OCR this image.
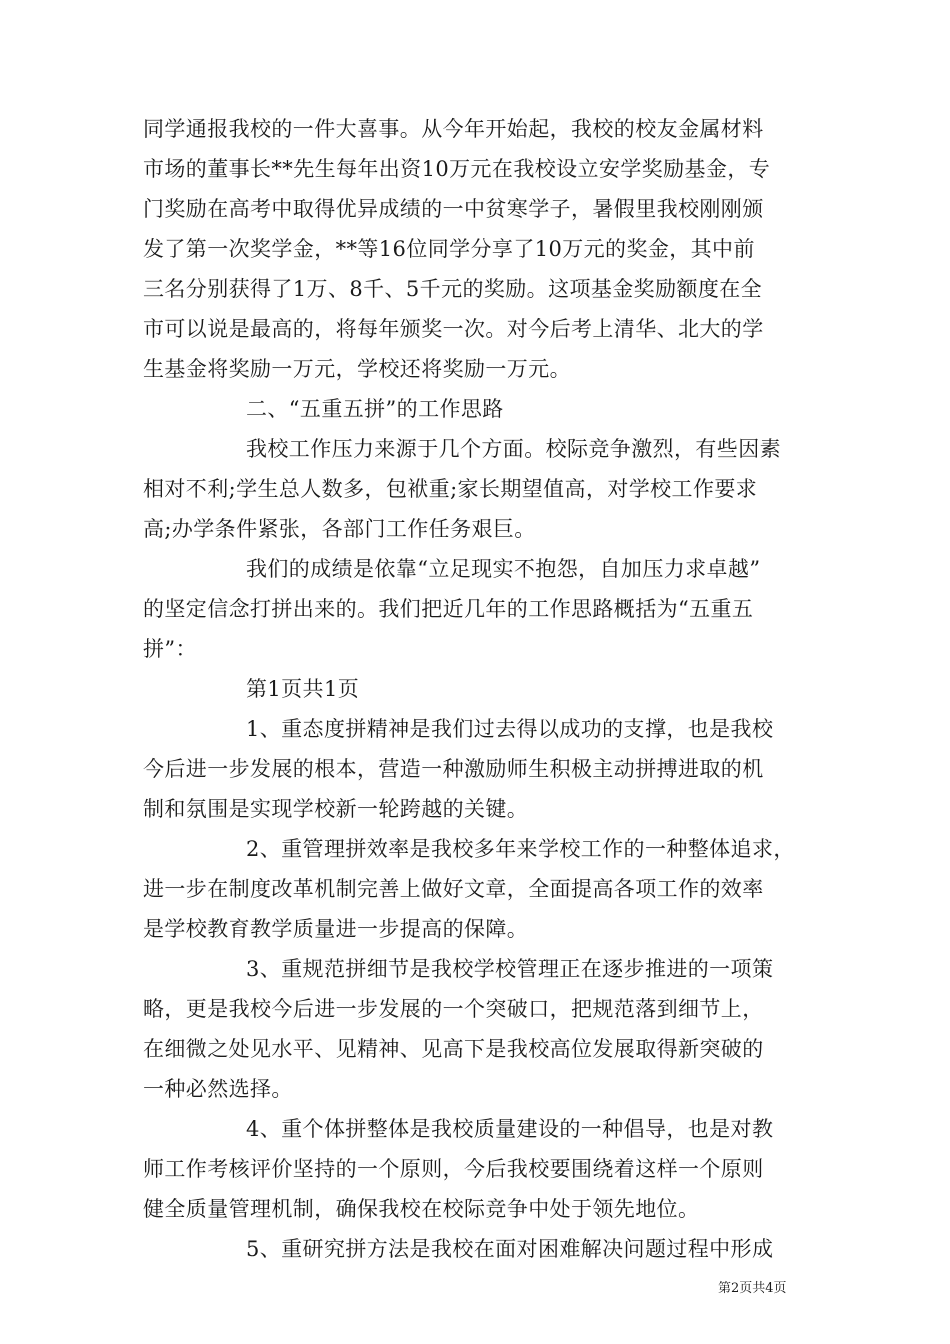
同学通报我校的一件大喜事。从今年开始起，我校的校友金属材料
市场的董事长**先生每年出资10万元在我校设立安学奖励基金，专
门奖励在高考中取得优异成绩的一中贫寒学子，暑假里我校刚刚颁
发了第一次奖学金，**等16位同学分享了10万元的奖金，其中前
三名分别获得了1万、8千、5千元的奖励。这项基金奖励额度在全
市可以说是最高的，将每年颁奖一次。对今后考上清华、北大的学
生基金将奖励一万元，学校还将奖励一万元。
二、“五重五拼”的工作思路
我校工作压力来源于几个方面。校际竞争激烈，有些因素
相对不利;学生总人数多，包袱重;家长期望值高，对学校工作要求
高;办学条件紧张，各部门工作任务艰巨。
我们的成绩是依靠“立足现实不抱怨，自加压力求卓越”
的坚定信念打拼出来的。我们把近几年的工作思路概括为“五重五
拼”：
第1页共1页
1、重态度拼精神是我们过去得以成功的支撑，也是我校
今后进一步发展的根本，营造一种激励师生积极主动拼搏进取的机
制和氛围是实现学校新一轮跨越的关键。
2、重管理拼效率是我校多年来学校工作的一种整体追求，
进一步在制度改革机制完善上做好文章，全面提高各项工作的效率
是学校教育教学质量进一步提高的保障。
3、重规范拼细节是我校学校管理正在逐步推进的一项策
略，更是我校今后进一步发展的一个突破口，把规范落到细节上，
在细微之处见水平、见精神、见高下是我校高位发展取得新突破的
一种必然选择。
4、重个体拼整体是我校质量建设的一种倡导，也是对教
师工作考核评价坚持的一个原则，今后我校要围绕着这样一个原则
健全质量管理机制，确保我校在校际竞争中处于领先地位。
5、重研究拼方法是我校在面对困难解决问题过程中形成
第2页共4页
